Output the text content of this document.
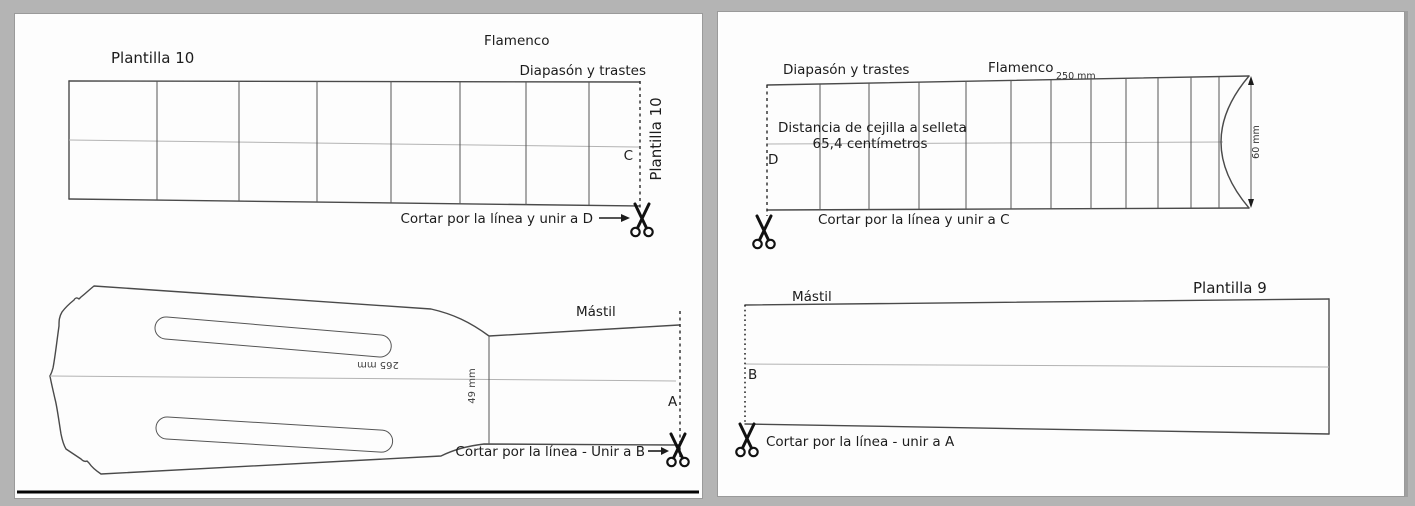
Plantilla 10
Flamenco
Diapasón y trastes
C Plantilla 10
Cortar por la línea y unir a D
Mástil
265 mm
49 mm	A
Cortar por la línea - Unir a B
Diapasón y trastes	Flamenco
250 mm
60 mm
Distancia de cejilla a selleta
65,4 centímetros
D
Cortar por la línea y unir a C
Plantilla 9
Mástil
B
Cortar por la línea - unir a A
